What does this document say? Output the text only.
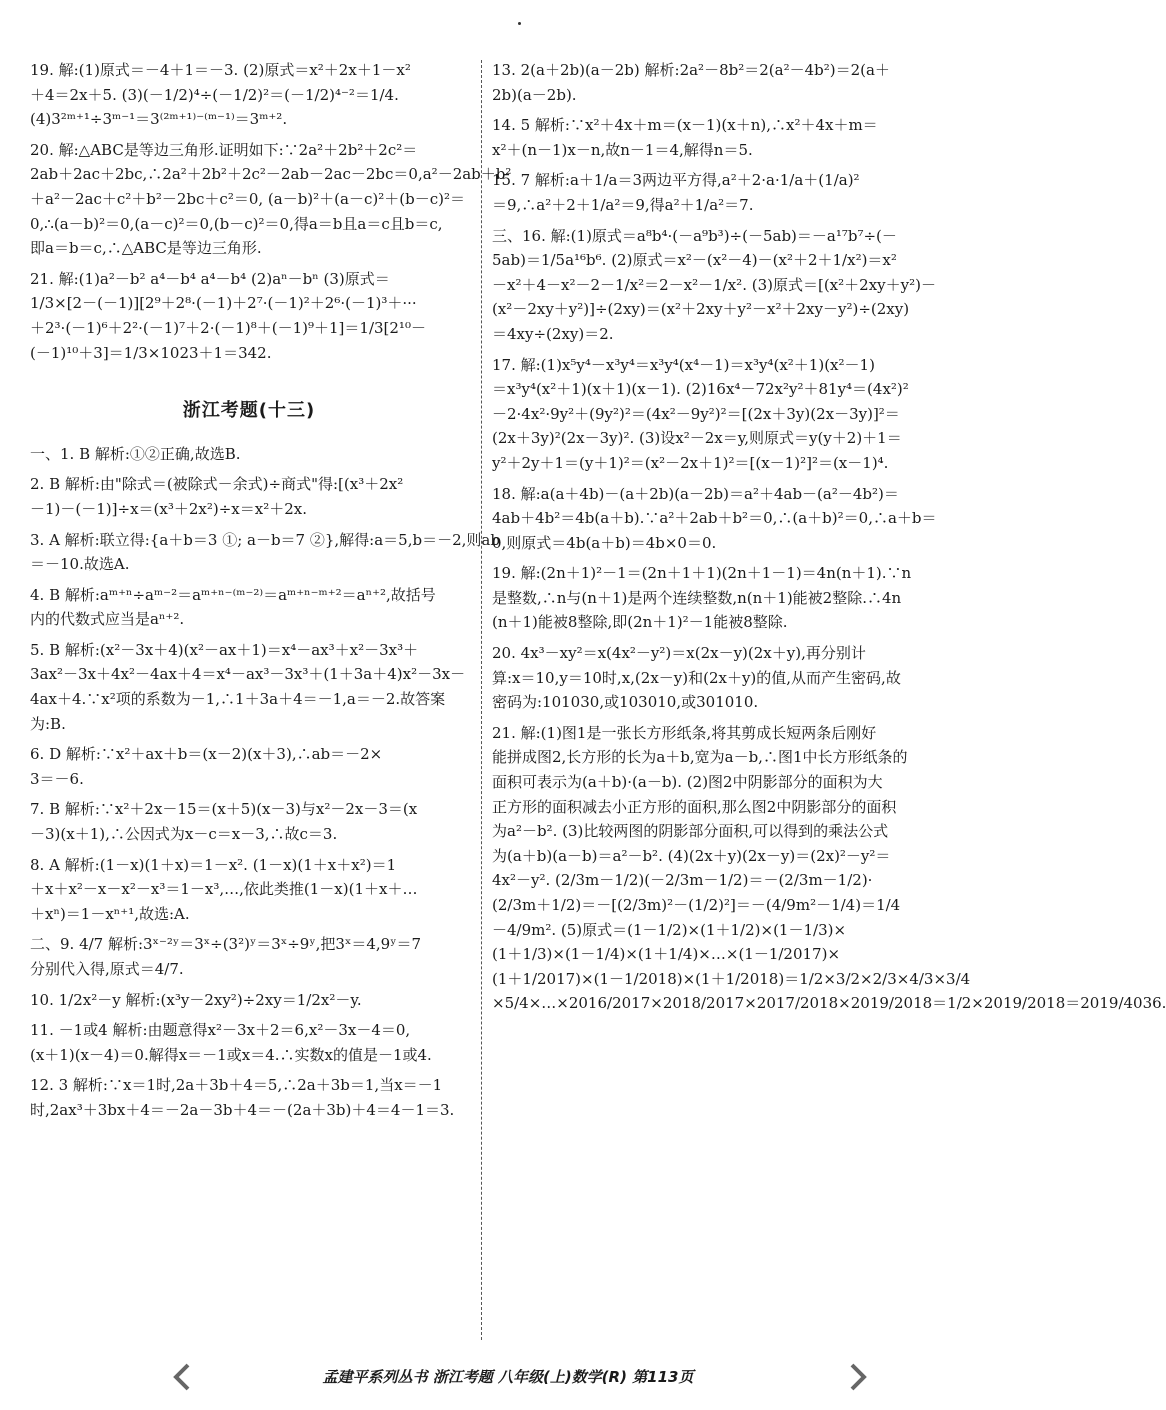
19. 解:(1)原式＝－4＋1＝－3. (2)原式＝x²＋2x＋1－x²
＋4＝2x＋5. (3)(－1/2)⁴÷(－1/2)²＝(－1/2)⁴⁻²＝1/4.
(4)3²ᵐ⁺¹÷3ᵐ⁻¹＝3⁽²ᵐ⁺¹⁾⁻⁽ᵐ⁻¹⁾＝3ᵐ⁺².
20. 解:△ABC是等边三角形.证明如下:∵2a²＋2b²＋2c²＝
2ab＋2ac＋2bc,∴2a²＋2b²＋2c²－2ab－2ac－2bc＝0,a²－2ab＋b²
＋a²－2ac＋c²＋b²－2bc＋c²＝0, (a－b)²＋(a－c)²＋(b－c)²＝
0,∴(a－b)²＝0,(a－c)²＝0,(b－c)²＝0,得a＝b且a＝c且b＝c,
即a＝b＝c,∴△ABC是等边三角形.
21. 解:(1)a²－b² a⁴－b⁴ a⁴－b⁴ (2)aⁿ－bⁿ (3)原式＝
1/3×[2－(－1)][2⁹＋2⁸·(－1)＋2⁷·(－1)²＋2⁶·(－1)³＋···
＋2³·(－1)⁶＋2²·(－1)⁷＋2·(－1)⁸＋(－1)⁹＋1]＝1/3[2¹⁰－
(－1)¹⁰＋3]＝1/3×1023＋1＝342.
浙江考题(十三)
一、1. B 解析:①②正确,故选B.
2. B 解析:由"除式＝(被除式－余式)÷商式"得:[(x³＋2x²
－1)－(－1)]÷x＝(x³＋2x²)÷x＝x²＋2x.
3. A 解析:联立得:{a＋b＝3 ①; a－b＝7 ②},解得:a＝5,b＝－2,则ab
＝－10.故选A.
4. B 解析:aᵐ⁺ⁿ÷aᵐ⁻²＝aᵐ⁺ⁿ⁻⁽ᵐ⁻²⁾＝aᵐ⁺ⁿ⁻ᵐ⁺²＝aⁿ⁺²,故括号
内的代数式应当是aⁿ⁺².
5. B 解析:(x²－3x＋4)(x²－ax＋1)＝x⁴－ax³＋x²－3x³＋
3ax²－3x＋4x²－4ax＋4＝x⁴－ax³－3x³＋(1＋3a＋4)x²－3x－
4ax＋4.∵x²项的系数为－1,∴1＋3a＋4＝－1,a＝－2.故答案
为:B.
6. D 解析:∵x²＋ax＋b＝(x－2)(x＋3),∴ab＝－2×
3＝－6.
7. B 解析:∵x²＋2x－15＝(x＋5)(x－3)与x²－2x－3＝(x
－3)(x＋1),∴公因式为x－c＝x－3,∴故c＝3.
8. A 解析:(1－x)(1＋x)＝1－x². (1－x)(1＋x＋x²)＝1
＋x＋x²－x－x²－x³＝1－x³,…,依此类推(1－x)(1＋x＋…
＋xⁿ)＝1－xⁿ⁺¹,故选:A.
二、9. 4/7 解析:3ˣ⁻²ʸ＝3ˣ÷(3²)ʸ＝3ˣ÷9ʸ,把3ˣ＝4,9ʸ＝7
分别代入得,原式＝4/7.
10. 1/2x²－y 解析:(x³y－2xy²)÷2xy＝1/2x²－y.
11. －1或4 解析:由题意得x²－3x＋2＝6,x²－3x－4＝0,
(x＋1)(x－4)＝0.解得x＝－1或x＝4.∴实数x的值是－1或4.
12. 3 解析:∵x＝1时,2a＋3b＋4＝5,∴2a＋3b＝1,当x＝－1
时,2ax³＋3bx＋4＝－2a－3b＋4＝－(2a＋3b)＋4＝4－1＝3.
13. 2(a＋2b)(a－2b) 解析:2a²－8b²＝2(a²－4b²)＝2(a＋
2b)(a－2b).
14. 5 解析:∵x²＋4x＋m＝(x－1)(x＋n),∴x²＋4x＋m＝
x²＋(n－1)x－n,故n－1＝4,解得n＝5.
15. 7 解析:a＋1/a＝3两边平方得,a²＋2·a·1/a＋(1/a)²
＝9,∴a²＋2＋1/a²＝9,得a²＋1/a²＝7.
三、16. 解:(1)原式＝a⁸b⁴·(－a⁹b³)÷(－5ab)＝－a¹⁷b⁷÷(－
5ab)＝1/5a¹⁶b⁶. (2)原式＝x²－(x²－4)－(x²＋2＋1/x²)＝x²
－x²＋4－x²－2－1/x²＝2－x²－1/x². (3)原式＝[(x²＋2xy＋y²)－
(x²－2xy＋y²)]÷(2xy)＝(x²＋2xy＋y²－x²＋2xy－y²)÷(2xy)
＝4xy÷(2xy)＝2.
17. 解:(1)x⁵y⁴－x³y⁴＝x³y⁴(x⁴－1)＝x³y⁴(x²＋1)(x²－1)
＝x³y⁴(x²＋1)(x＋1)(x－1). (2)16x⁴－72x²y²＋81y⁴＝(4x²)²
－2·4x²·9y²＋(9y²)²＝(4x²－9y²)²＝[(2x＋3y)(2x－3y)]²＝
(2x＋3y)²(2x－3y)². (3)设x²－2x＝y,则原式＝y(y＋2)＋1＝
y²＋2y＋1＝(y＋1)²＝(x²－2x＋1)²＝[(x－1)²]²＝(x－1)⁴.
18. 解:a(a＋4b)－(a＋2b)(a－2b)＝a²＋4ab－(a²－4b²)＝
4ab＋4b²＝4b(a＋b).∵a²＋2ab＋b²＝0,∴(a＋b)²＝0,∴a＋b＝
0,则原式＝4b(a＋b)＝4b×0＝0.
19. 解:(2n＋1)²－1＝(2n＋1＋1)(2n＋1－1)＝4n(n＋1).∵n
是整数,∴n与(n＋1)是两个连续整数,n(n＋1)能被2整除.∴4n
(n＋1)能被8整除,即(2n＋1)²－1能被8整除.
20. 4x³－xy²＝x(4x²－y²)＝x(2x－y)(2x＋y),再分别计
算:x＝10,y＝10时,x,(2x－y)和(2x＋y)的值,从而产生密码,故
密码为:101030,或103010,或301010.
21. 解:(1)图1是一张长方形纸条,将其剪成长短两条后刚好
能拼成图2,长方形的长为a＋b,宽为a－b,∴图1中长方形纸条的
面积可表示为(a＋b)·(a－b). (2)图2中阴影部分的面积为大
正方形的面积减去小正方形的面积,那么图2中阴影部分的面积
为a²－b². (3)比较两图的阴影部分面积,可以得到的乘法公式
为(a＋b)(a－b)＝a²－b². (4)(2x＋y)(2x－y)＝(2x)²－y²＝
4x²－y². (2/3m－1/2)(－2/3m－1/2)＝－(2/3m－1/2)·
(2/3m＋1/2)＝－[(2/3m)²－(1/2)²]＝－(4/9m²－1/4)＝1/4
－4/9m². (5)原式＝(1－1/2)×(1＋1/2)×(1－1/3)×
(1＋1/3)×(1－1/4)×(1＋1/4)×…×(1－1/2017)×
(1＋1/2017)×(1－1/2018)×(1＋1/2018)＝1/2×3/2×2/3×4/3×3/4
×5/4×…×2016/2017×2018/2017×2017/2018×2019/2018＝1/2×2019/2018＝2019/4036.
孟建平系列丛书 浙江考题 八年级(上)数学(R) 第113页
